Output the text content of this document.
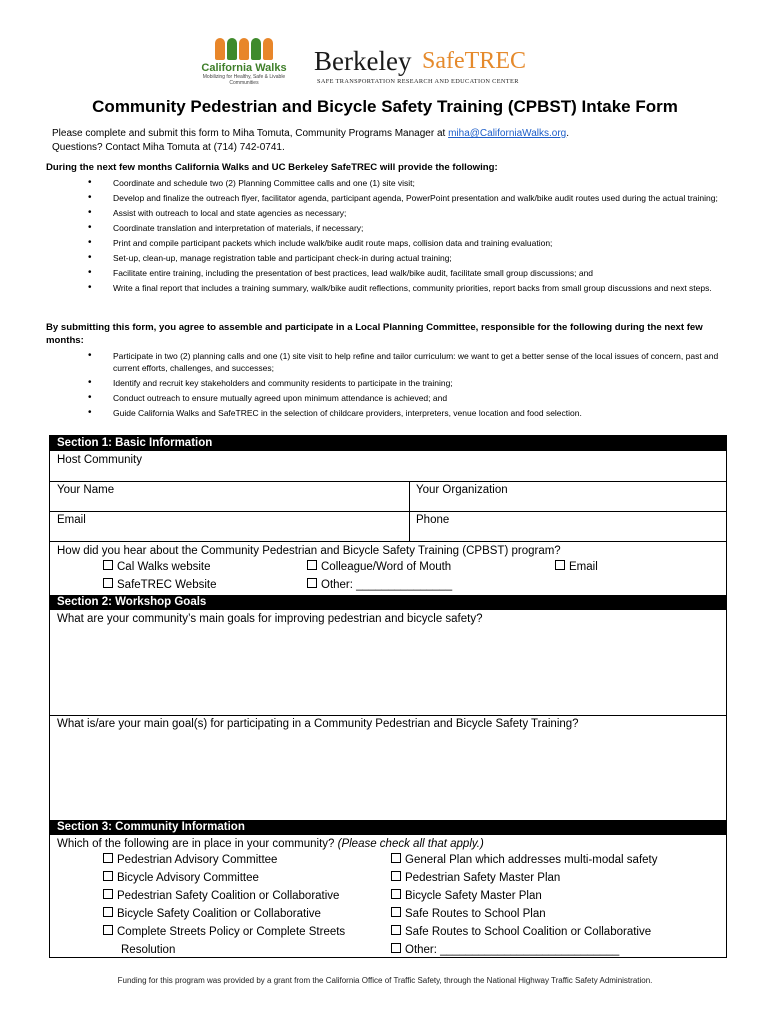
California Walks
Mobilizing for Healthy, Safe & Livable Communities
Berkeley SafeTREC
SAFE TRANSPORTATION RESEARCH AND EDUCATION CENTER
Community Pedestrian and Bicycle Safety Training (CPBST) Intake Form
Please complete and submit this form to Miha Tomuta, Community Programs Manager at miha@CaliforniaWalks.org.
Questions? Contact Miha Tomuta at (714) 742-0741.
During the next few months California Walks and UC Berkeley SafeTREC will provide the following:
• Coordinate and schedule two (2) Planning Committee calls and one (1) site visit;
• Develop and finalize the outreach flyer, facilitator agenda, participant agenda, PowerPoint presentation and walk/bike audit routes used during the actual training;
• Assist with outreach to local and state agencies as necessary;
• Coordinate translation and interpretation of materials, if necessary;
• Print and compile participant packets which include walk/bike audit route maps, collision data and training evaluation;
• Set-up, clean-up, manage registration table and participant check-in during actual training;
• Facilitate entire training, including the presentation of best practices, lead walk/bike audit, facilitate small group discussions; and
• Write a final report that includes a training summary, walk/bike audit reflections, community priorities, report backs from small group discussions and next steps.
By submitting this form, you agree to assemble and participate in a Local Planning Committee, responsible for the following during the next few months:
• Participate in two (2) planning calls and one (1) site visit to help refine and tailor curriculum: we want to get a better sense of the local issues of concern, past and current efforts, challenges, and successes;
• Identify and recruit key stakeholders and community residents to participate in the training;
• Conduct outreach to ensure mutually agreed upon minimum attendance is achieved; and
• Guide California Walks and SafeTREC in the selection of childcare providers, interpreters, venue location and food selection.
Section 1: Basic Information
Host Community
Your Name	Your Organization
Email	Phone
How did you hear about the Community Pedestrian and Bicycle Safety Training (CPBST) program?
Cal Walks website	Colleague/Word of Mouth	Email
SafeTREC Website	Other: _______________
Section 2: Workshop Goals
What are your community’s main goals for improving pedestrian and bicycle safety?
What is/are your main goal(s) for participating in a Community Pedestrian and Bicycle Safety Training?
Section 3: Community Information
Which of the following are in place in your community? (Please check all that apply.)
Pedestrian Advisory Committee
Bicycle Advisory Committee
Pedestrian Safety Coalition or Collaborative
Bicycle Safety Coalition or Collaborative
Complete Streets Policy or Complete Streets
Resolution
General Plan which addresses multi-modal safety
Pedestrian Safety Master Plan
Bicycle Safety Master Plan
Safe Routes to School Plan
Safe Routes to School Coalition or Collaborative
Other: ____________________________
Funding for this program was provided by a grant from the California Office of Traffic Safety, through the National Highway Traffic Safety Administration.
